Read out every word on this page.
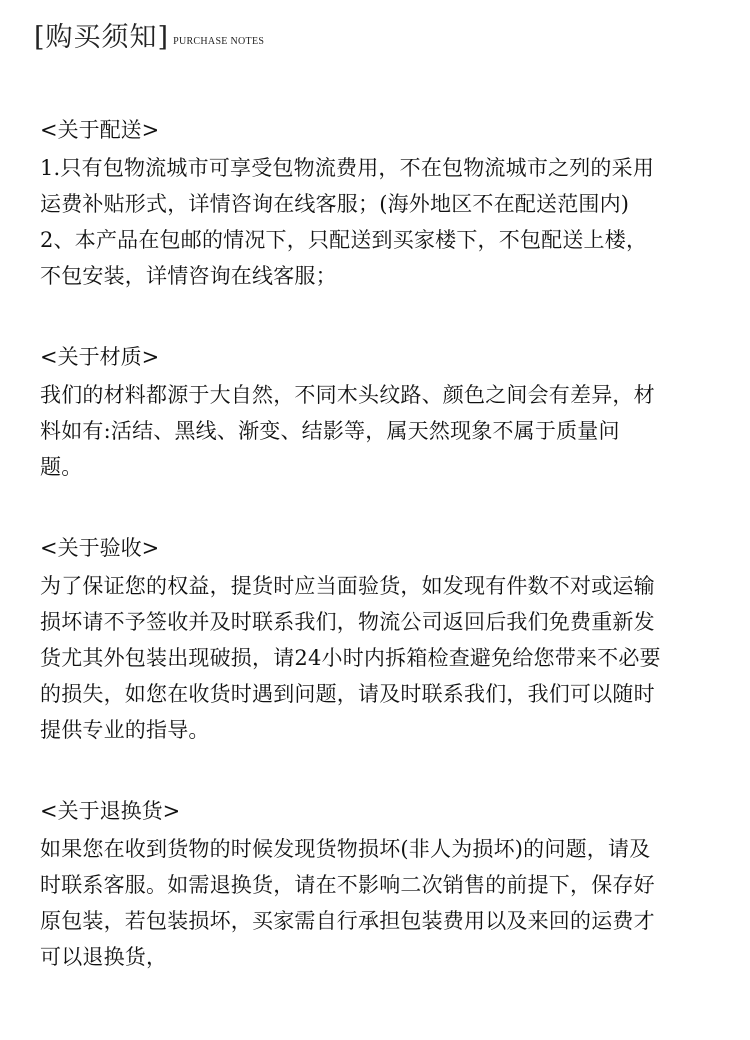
[购买须知] PURCHASE NOTES
<关于配送>
1.只有包物流城市可享受包物流费用，不在包物流城市之列的采用
运费补贴形式，详情咨询在线客服；(海外地区不在配送范围内)
2、本产品在包邮的情况下，只配送到买家楼下，不包配送上楼，
不包安装，详情咨询在线客服；
<关于材质>
我们的材料都源于大自然，不同木头纹路、颜色之间会有差异，材
料如有:活结、黑线、渐变、结影等，属天然现象不属于质量问
题。
<关于验收>
为了保证您的权益，提货时应当面验货，如发现有件数不对或运输
损坏请不予签收并及时联系我们，物流公司返回后我们免费重新发
货尤其外包装出现破损，请24小时内拆箱检查避免给您带来不必要
的损失，如您在收货时遇到问题，请及时联系我们，我们可以随时
提供专业的指导。
<关于退换货>
如果您在收到货物的时候发现货物损坏(非人为损坏)的问题，请及
时联系客服。如需退换货，请在不影响二次销售的前提下，保存好
原包装，若包装损坏，买家需自行承担包装费用以及来回的运费才
可以退换货，
